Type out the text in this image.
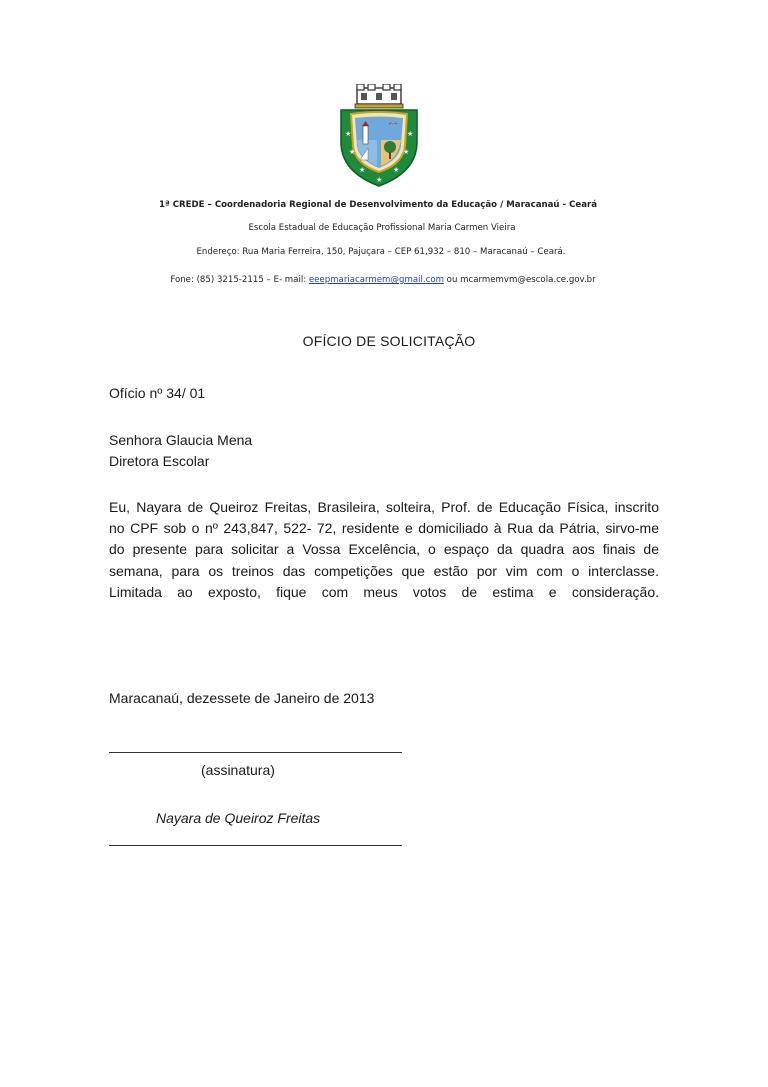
★	★
★	★
★	★
★
1ª CREDE – Coordenadoria Regional de Desenvolvimento da Educação / Maracanaú - Ceará
Escola Estadual de Educação Profissional Maria Carmen Vieira
Endereço: Rua Maria Ferreira, 150, Pajuçara – CEP 61,932 – 810 – Maracanaú – Ceará.
Fone: (85) 3215-2115 – E- mail: eeepmariacarmem@gmail.com ou mcarmemvm@escola.ce.gov.br
OFÍCIO DE SOLICITAÇÃO
Ofício nº 34/ 01
Senhora Glaucia Mena
Diretora Escolar
Eu, Nayara de Queiroz Freitas, Brasileira, solteira, Prof. de Educação Física, inscrito
no CPF sob o nº 243,847, 522- 72, residente e domiciliado à Rua da Pátria, sirvo-me
do presente para solicitar a Vossa Excelência, o espaço da quadra aos finais de
semana, para os treinos das competições que estão por vim com o interclasse.
Limitada ao exposto, fique com meus votos de estima e consideração.
Maracanaú, dezessete de Janeiro de 2013
(assinatura)
Nayara de Queiroz Freitas
